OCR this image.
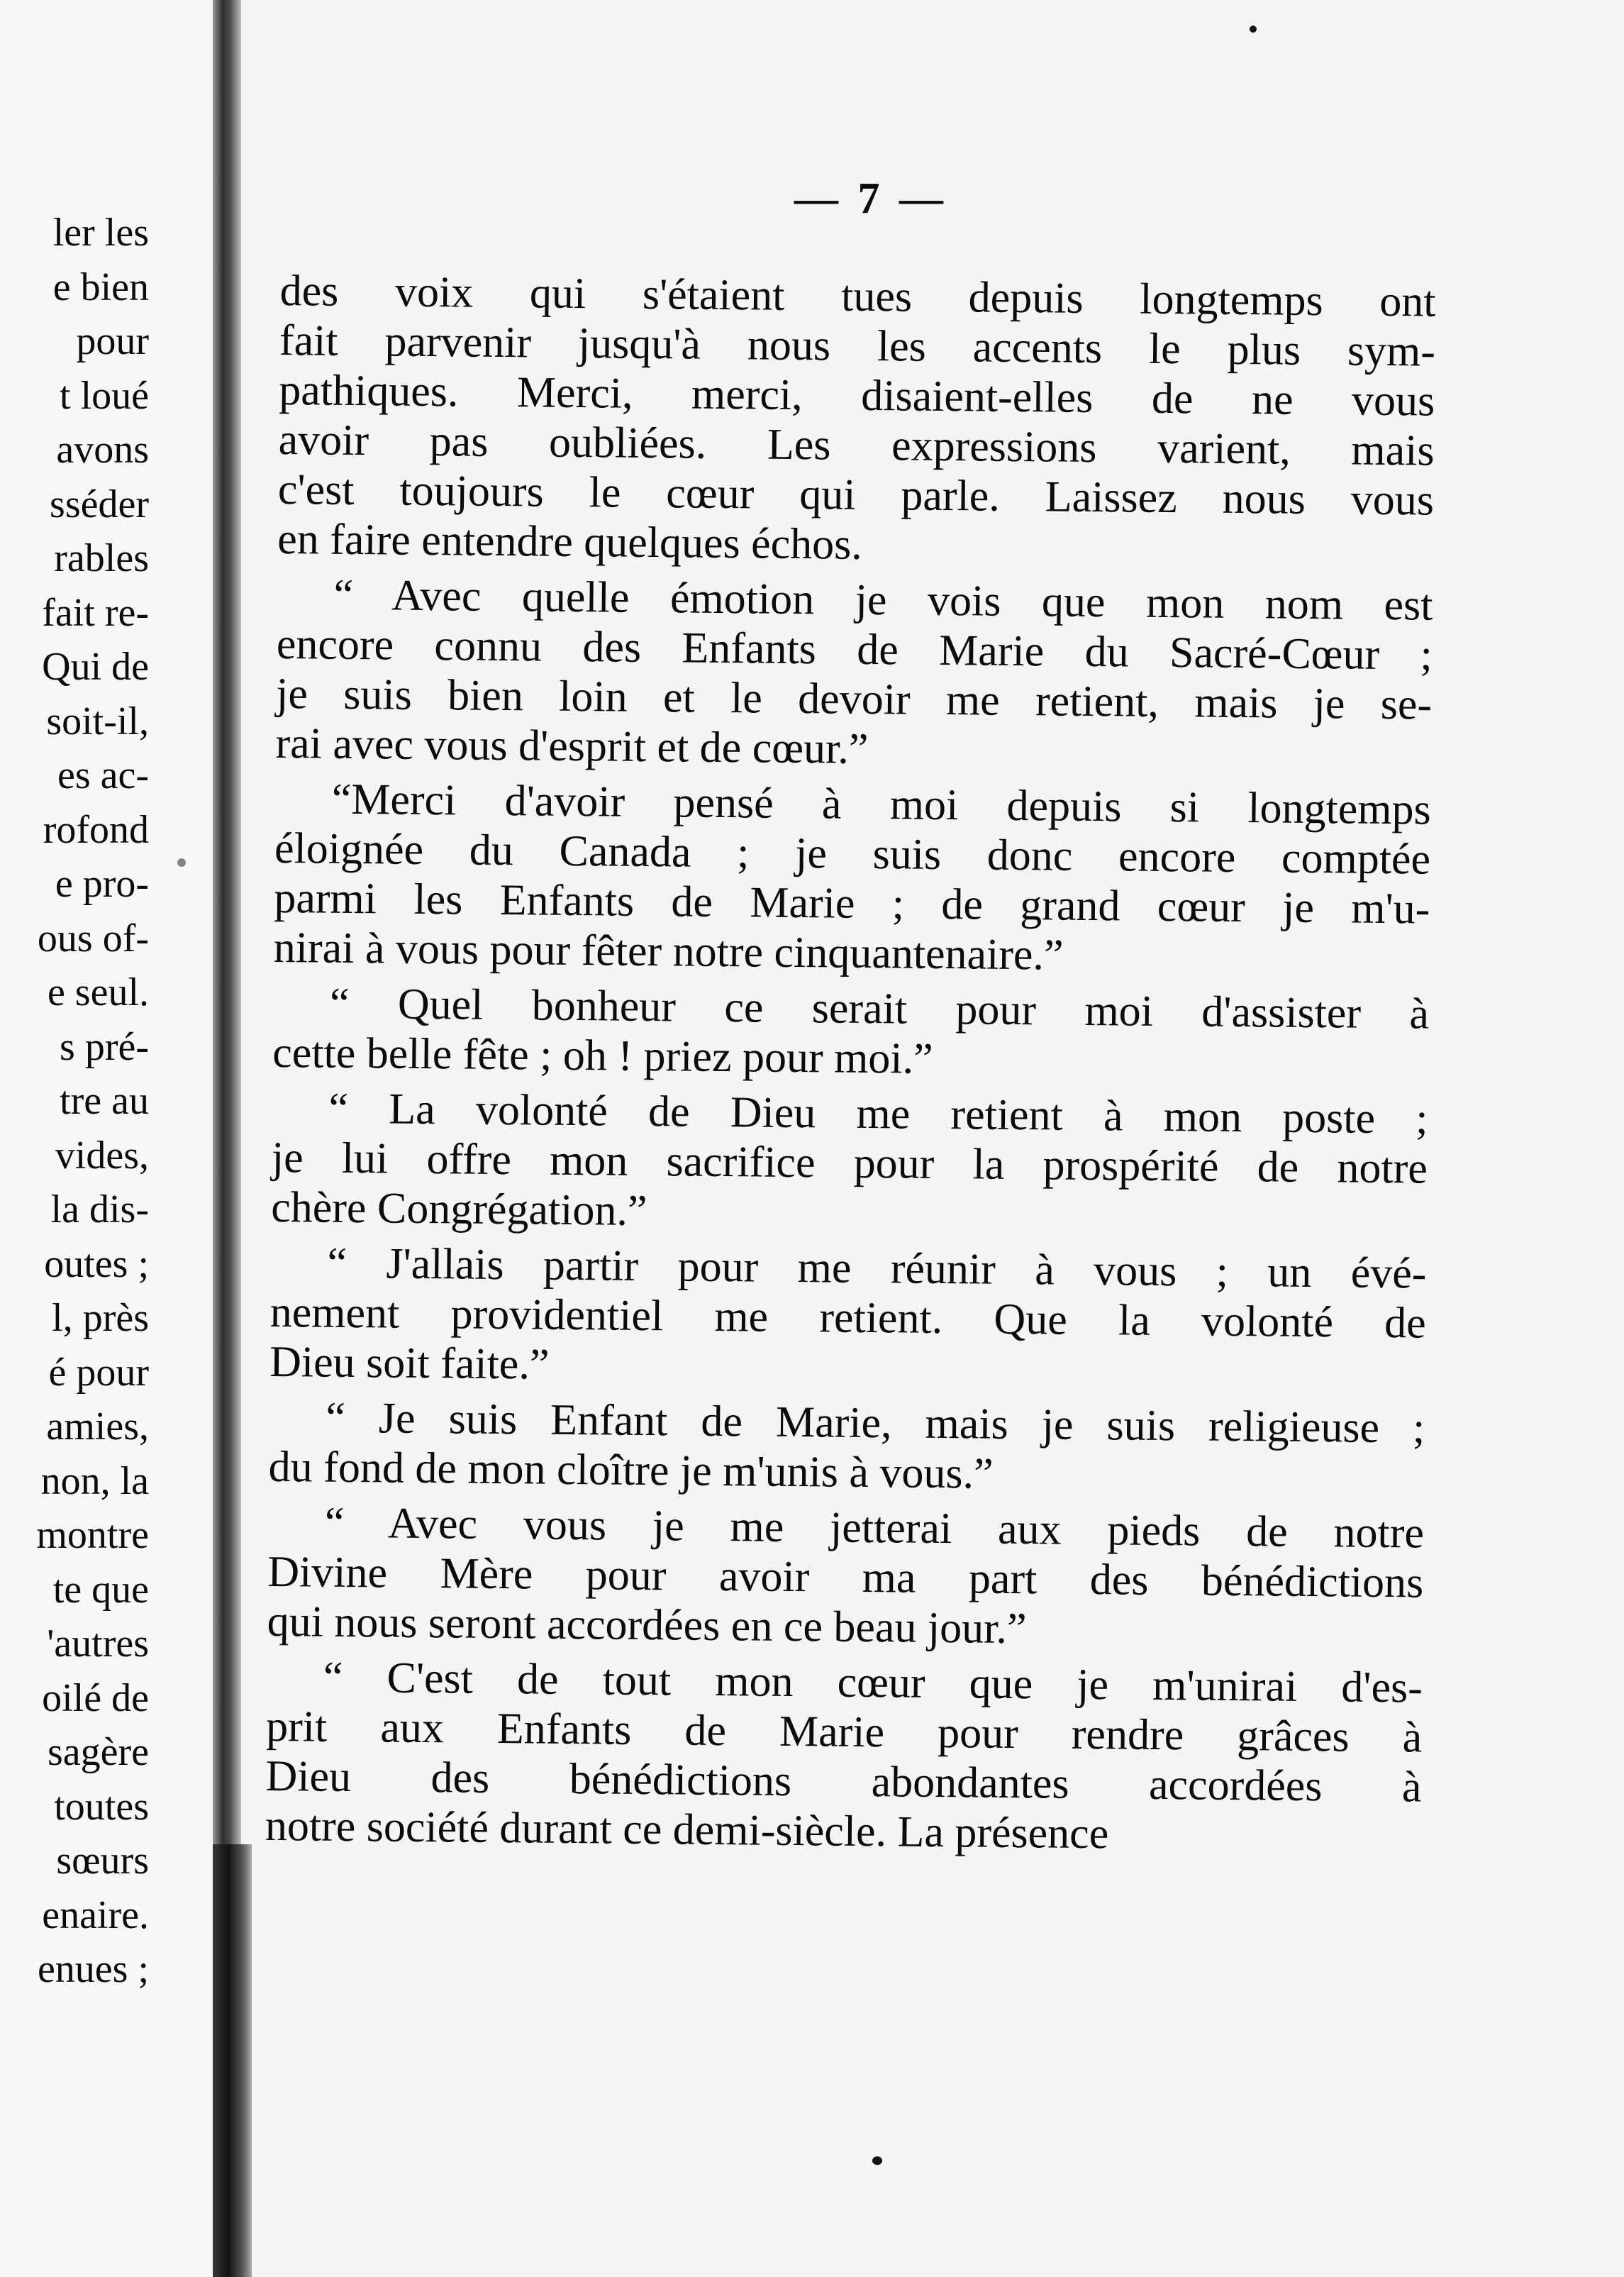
ler les
e bien
pour
t loué
avons
sséder
rables
fait re-
Qui de
soit-il,
es ac-
rofond
e pro-
ous of-
e seul.
s pré-
tre au
vides,
la dis-
outes ;
l, près
é pour
amies,
non, la
montre
te que
'autres
oilé de
sagère
toutes
sœurs
enaire.
enues ;
— 7 —
des voix qui s'étaient tues depuis longtemps ont
fait parvenir jusqu'à nous les accents le plus sym-
pathiques. Merci, merci, disaient-elles de ne vous
avoir pas oubliées. Les expressions varient, mais
c'est toujours le cœur qui parle. Laissez nous vous
en faire entendre quelques échos.
“ Avec quelle émotion je vois que mon nom est
encore connu des Enfants de Marie du Sacré-Cœur ;
je suis bien loin et le devoir me retient, mais je se-
rai avec vous d'esprit et de cœur.”
“Merci d'avoir pensé à moi depuis si longtemps
éloignée du Canada ; je suis donc encore comptée
parmi les Enfants de Marie ; de grand cœur je m'u-
nirai à vous pour fêter notre cinquantenaire.”
“ Quel bonheur ce serait pour moi d'assister à
cette belle fête ; oh ! priez pour moi.”
“ La volonté de Dieu me retient à mon poste ;
je lui offre mon sacrifice pour la prospérité de notre
chère Congrégation.”
“ J'allais partir pour me réunir à vous ; un évé-
nement providentiel me retient. Que la volonté de
Dieu soit faite.”
“ Je suis Enfant de Marie, mais je suis religieuse ;
du fond de mon cloître je m'unis à vous.”
“ Avec vous je me jetterai aux pieds de notre
Divine Mère pour avoir ma part des bénédictions
qui nous seront accordées en ce beau jour.”
“ C'est de tout mon cœur que je m'unirai d'es-
prit aux Enfants de Marie pour rendre grâces à
Dieu des bénédictions abondantes accordées à
notre société durant ce demi-siècle. La présence
